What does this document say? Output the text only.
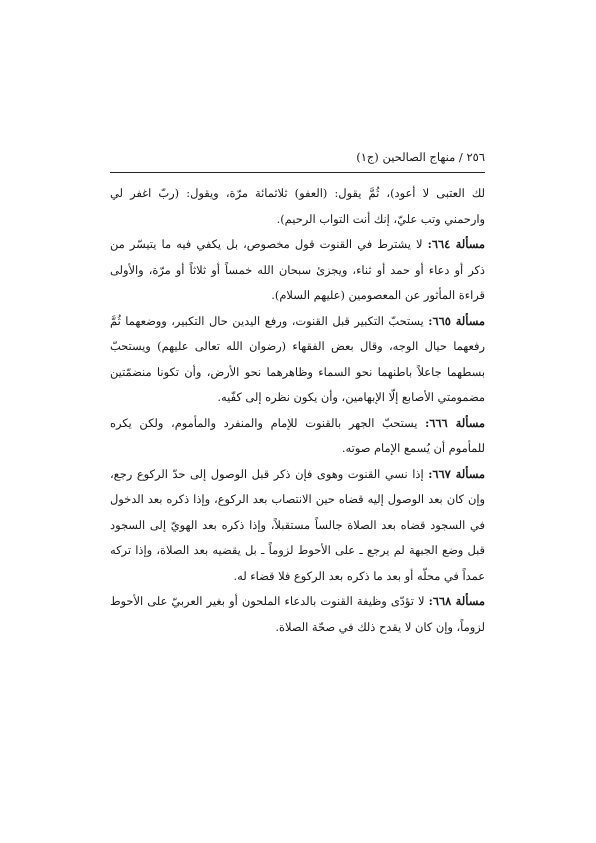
٢٥٦ / منهاج الصالحين (ج١)

لك العتبى لا أعود)، ثُمَّ يقول: (العفو) ثلاثمائة مرّة، ويقول: (ربّ اغفر لي وارحمني وتب عليّ، إنك أنت التواب الرحيم).

مسألة ٦٦٤: لا يشترط في القنوت قول مخصوص، بل يكفي فيه ما يتيسّر من ذكر أو دعاء أو حمد أو ثناء، ويجزئ سبحان الله خمساً أو ثلاثاً أو مرّة، والأولى قراءة المأثور عن المعصومين (عليهم السلام).

مسألة ٦٦٥: يستحبّ التكبير قبل القنوت، ورفع اليدين حال التكبير، ووضعهما ثُمَّ رفعهما حيال الوجه، وقال بعض الفقهاء (رضوان الله تعالى عليهم) ويستحبّ بسطهما جاعلاً باطنهما نحو السماء وظاهرهما نحو الأرض، وأن تكونا منضمّتين مضمومتي الأصابع إلّا الإبهامين، وأن يكون نظره إلى كفّيه.

مسألة ٦٦٦: يستحبّ الجهر بالقنوت للإمام والمنفرد والمأموم، ولكن يكره للمأموم أن يُسمع الإمام صوته.

مسألة ٦٦٧: إذا نسي القنوت وهوى فإن ذكر قبل الوصول إلى حدّ الركوع رجع، وإن كان بعد الوصول إليه قضاه حين الانتصاب بعد الركوع، وإذا ذكره بعد الدخول في السجود قضاه بعد الصلاة جالساً مستقبلاً، وإذا ذكره بعد الهويّ إلى السجود قبل وضع الجبهة لم يرجع ـ على الأحوط لزوماً ـ بل يقضيه بعد الصلاة، وإذا تركه عمداً في محلّه أو بعد ما ذكره بعد الركوع فلا قضاء له.

مسألة ٦٦٨: لا تؤدّى وظيفة القنوت بالدعاء الملحون أو بغير العربيّ على الأحوط لزوماً، وإن كان لا يقدح ذلك في صحّة الصلاة.
